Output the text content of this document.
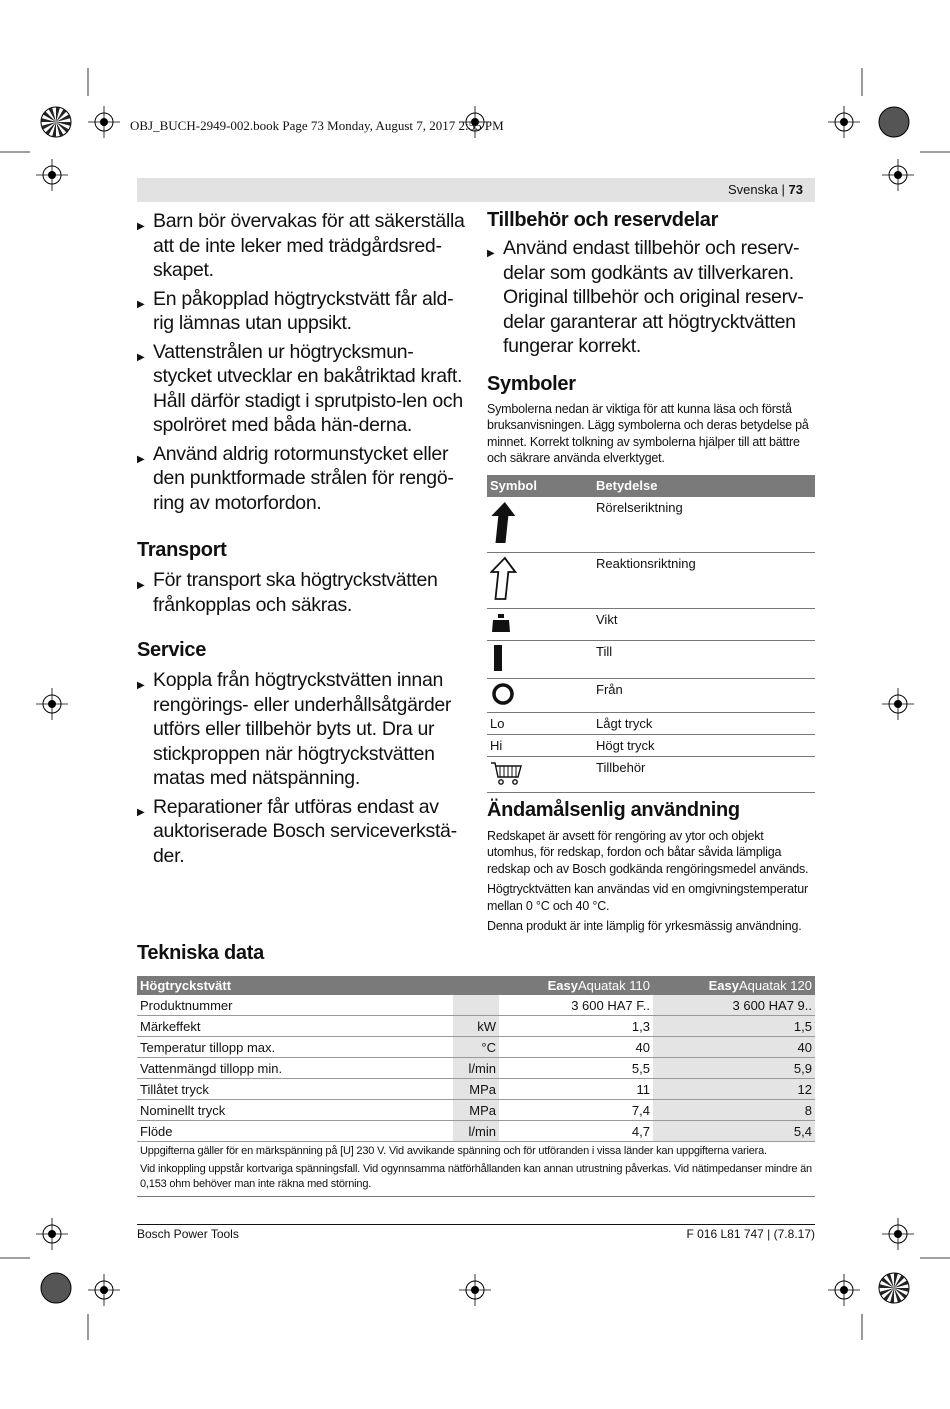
OBJ_BUCH-2949-002.book Page 73 Monday, August 7, 2017 2:55 PM
Svenska | 73
▶ Barn bör övervakas för att säkerställa att de inte leker med trädgårdsred-skapet.
▶ En påkopplad högtryckstvätt får ald-rig lämnas utan uppsikt.
▶ Vattenstrålen ur högtrycksmun-stycket utvecklar en bakåtriktad kraft. Håll därför stadigt i sprutpisto-len och spolröret med båda hän-derna.
▶ Använd aldrig rotormunstycket eller den punktformade strålen för rengö-ring av motorfordon.
Transport
▶ För transport ska högtryckstvätten frånkopplas och säkras.
Service
▶ Koppla från högtryckstvätten innan rengörings- eller underhållsåtgärder utförs eller tillbehör byts ut. Dra ur stickproppen när högtryckstvätten matas med nätspänning.
▶ Reparationer får utföras endast av auktoriserade Bosch serviceverkstä-der.
Tillbehör och reservdelar
▶ Använd endast tillbehör och reserv-delar som godkänts av tillverkaren. Original tillbehör och original reserv-delar garanterar att högtrycktvätten fungerar korrekt.
Symboler
Symbolerna nedan är viktiga för att kunna läsa och förstå bruksanvisningen. Lägg symbolerna och deras betydelse på minnet. Korrekt tolkning av symbolerna hjälper till att bättre och säkrare använda elverktyget.
Symbol	Betydelse
	Rörelseriktning
	Reaktionsriktning
	Vikt
	Till
	Från
Lo	Lågt tryck
Hi	Högt tryck
	Tillbehör
Ändamålsenlig användning
Redskapet är avsett för rengöring av ytor och objekt utomhus, för redskap, fordon och båtar såvida lämpliga redskap och av Bosch godkända rengöringsmedel används.
Högtrycktvätten kan användas vid en omgivningstemperatur mellan 0 °C och 40 °C.
Denna produkt är inte lämplig för yrkesmässig användning.
Tekniska data
Högtryckstvätt		EasyAquatak 110	EasyAquatak 120
Produktnummer		3 600 HA7 F..	3 600 HA7 9..
Märkeffekt	kW	1,3	1,5
Temperatur tillopp max.	°C	40	40
Vattenmängd tillopp min.	l/min	5,5	5,9
Tillåtet tryck	MPa	11	12
Nominellt tryck	MPa	7,4	8
Flöde	l/min	4,7	5,4
Uppgifterna gäller för en märkspänning på [U] 230 V. Vid avvikande spänning och för utföranden i vissa länder kan uppgifterna variera.
Vid inkoppling uppstår kortvariga spänningsfall. Vid ogynnsamma nätförhållanden kan annan utrustning påverkas. Vid nätimpedanser mindre än 0,153 ohm behöver man inte räkna med störning.
Bosch Power Tools	F 016 L81 747 | (7.8.17)
